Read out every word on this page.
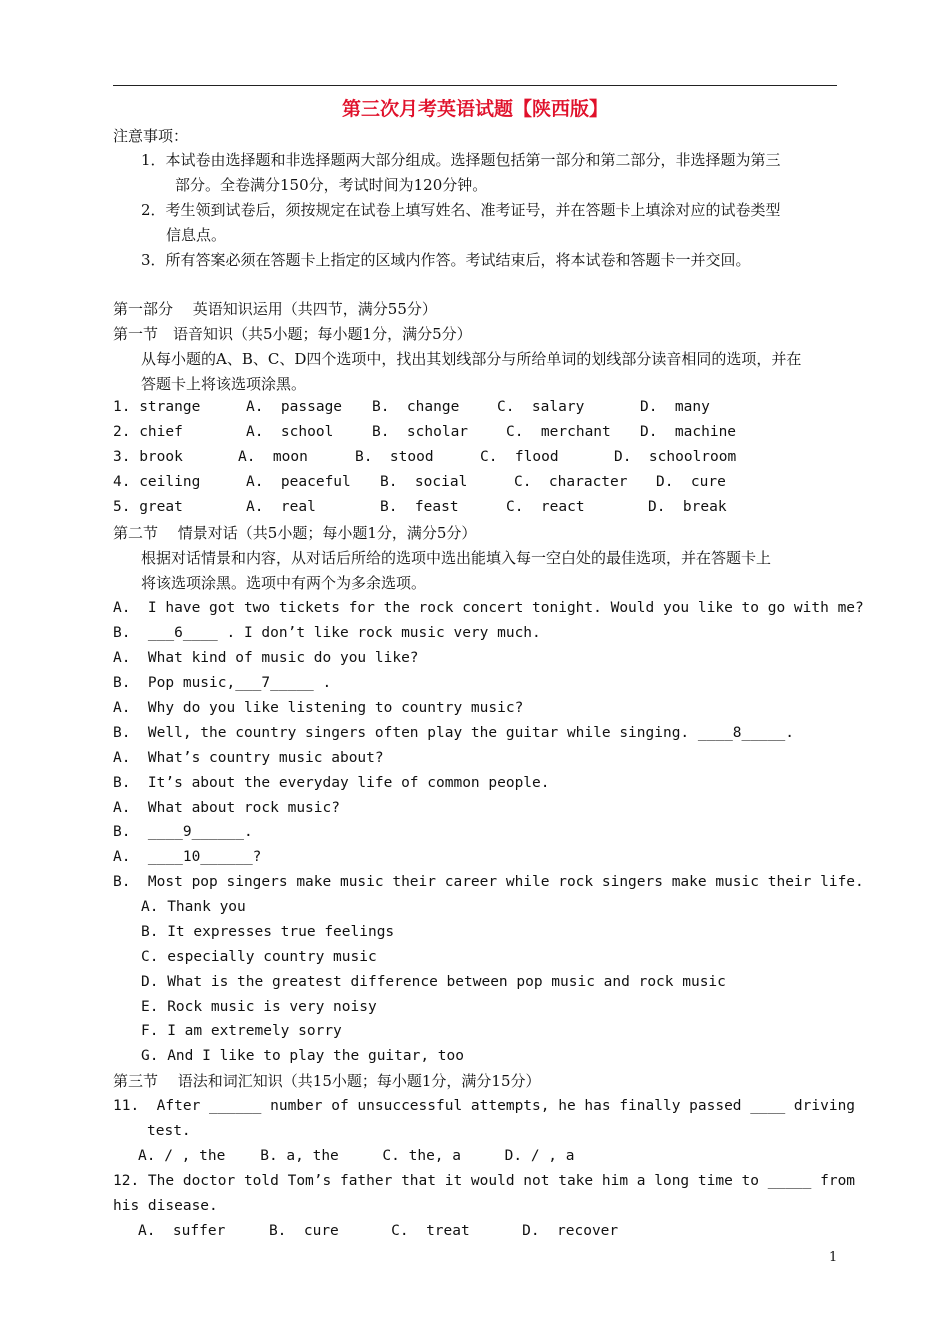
第三次月考英语试题【陕西版】
注意事项：
1．本试卷由选择题和非选择题两大部分组成。选择题包括第一部分和第二部分，非选择题为第三
部分。全卷满分150分，考试时间为120分钟。
2．考生领到试卷后，须按规定在试卷上填写姓名、准考证号，并在答题卡上填涂对应的试卷类型
信息点。
3．所有答案必须在答题卡上指定的区域内作答。考试结束后，将本试卷和答题卡一并交回。
第一部分　 英语知识运用（共四节，满分55分）
第一节　语音知识（共5小题；每小题1分，满分5分）
从每小题的A、B、C、D四个选项中，找出其划线部分与所给单词的划线部分读音相同的选项，并在
答题卡上将该选项涂黑。
1. strange	A.  passage B.  change	C.  salary	D.  many
2. chief	A.  school	B.  scholar	C.  merchant D.  machine
3. brook	A.  moon	B.  stood	C.  flood	D.  schoolroom
4. ceiling	A.  peaceful B.  social	C.  character D.  cure
5. great	A.  real	B.  feast	C.  react	D.  break
第二节　 情景对话（共5小题；每小题1分，满分5分）
根据对话情景和内容，从对话后所给的选项中选出能填入每一空白处的最佳选项，并在答题卡上
将该选项涂黑。选项中有两个为多余选项。
A.  I have got two tickets for the rock concert tonight. Would you like to go with me?
B.  ___6____ . I don’t like rock music very much.
A.  What kind of music do you like?
B.  Pop music,___7_____ .
A.  Why do you like listening to country music?
B.  Well, the country singers often play the guitar while singing. ____8_____.
A.  What’s country music about?
B.  It’s about the everyday life of common people.
A.  What about rock music?
B.  ____9______.
A.  ____10______?
B.  Most pop singers make music their career while rock singers make music their life.
A. Thank you
B. It expresses true feelings
C. especially country music
D. What is the greatest difference between pop music and rock music
E. Rock music is very noisy
F. I am extremely sorry
G. And I like to play the guitar, too
第三节　 语法和词汇知识（共15小题；每小题1分，满分15分）
11.  After ______ number of unsuccessful attempts, he has finally passed ____ driving
test.
A. / , the    B. a, the     C. the, a     D. / , a
12. The doctor told Tom’s father that it would not take him a long time to _____ from
his disease.
A.  suffer     B.  cure      C.  treat      D.  recover
1
